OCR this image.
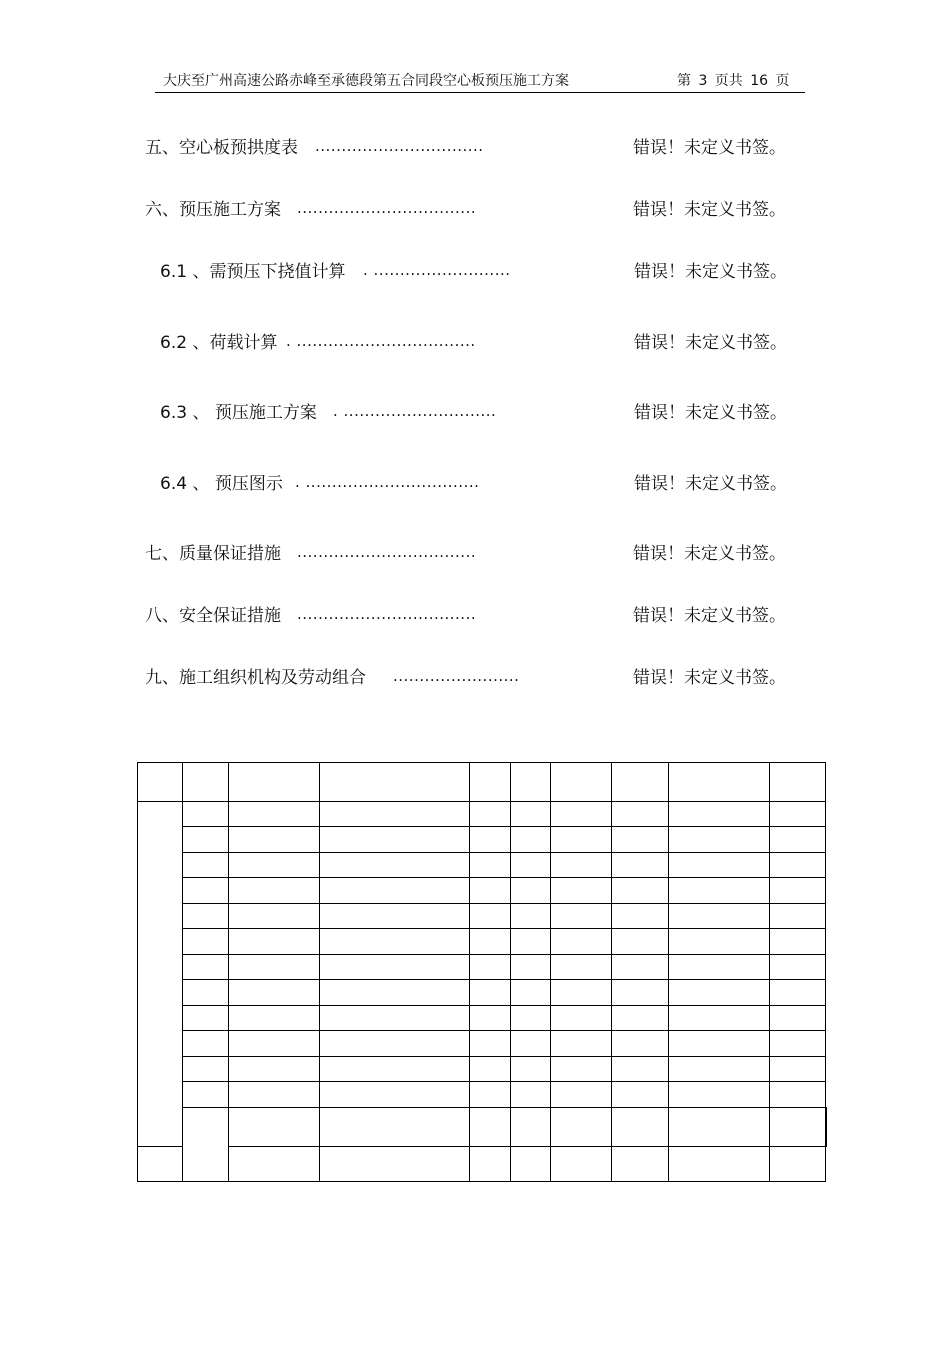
大庆至广州高速公路赤峰至承德段第五合同段空心板预压施工方案	第 3 页共 16 页
五、空心板预拱度表 ................................	错误！未定义书签。
六、预压施工方案 ..................................	错误！未定义书签。
6.1 、需预压下挠值计算 . ..........................	错误！未定义书签。
6.2 、荷载计算 . ..................................	错误！未定义书签。
6.3 、 预压施工方案 . .............................	错误！未定义书签。
6.4 、 预压图示 . .................................	错误！未定义书签。
七、质量保证措施 ..................................	错误！未定义书签。
八、安全保证措施 ..................................	错误！未定义书签。
九、施工组织机构及劳动组合 ........................	错误！未定义书签。
